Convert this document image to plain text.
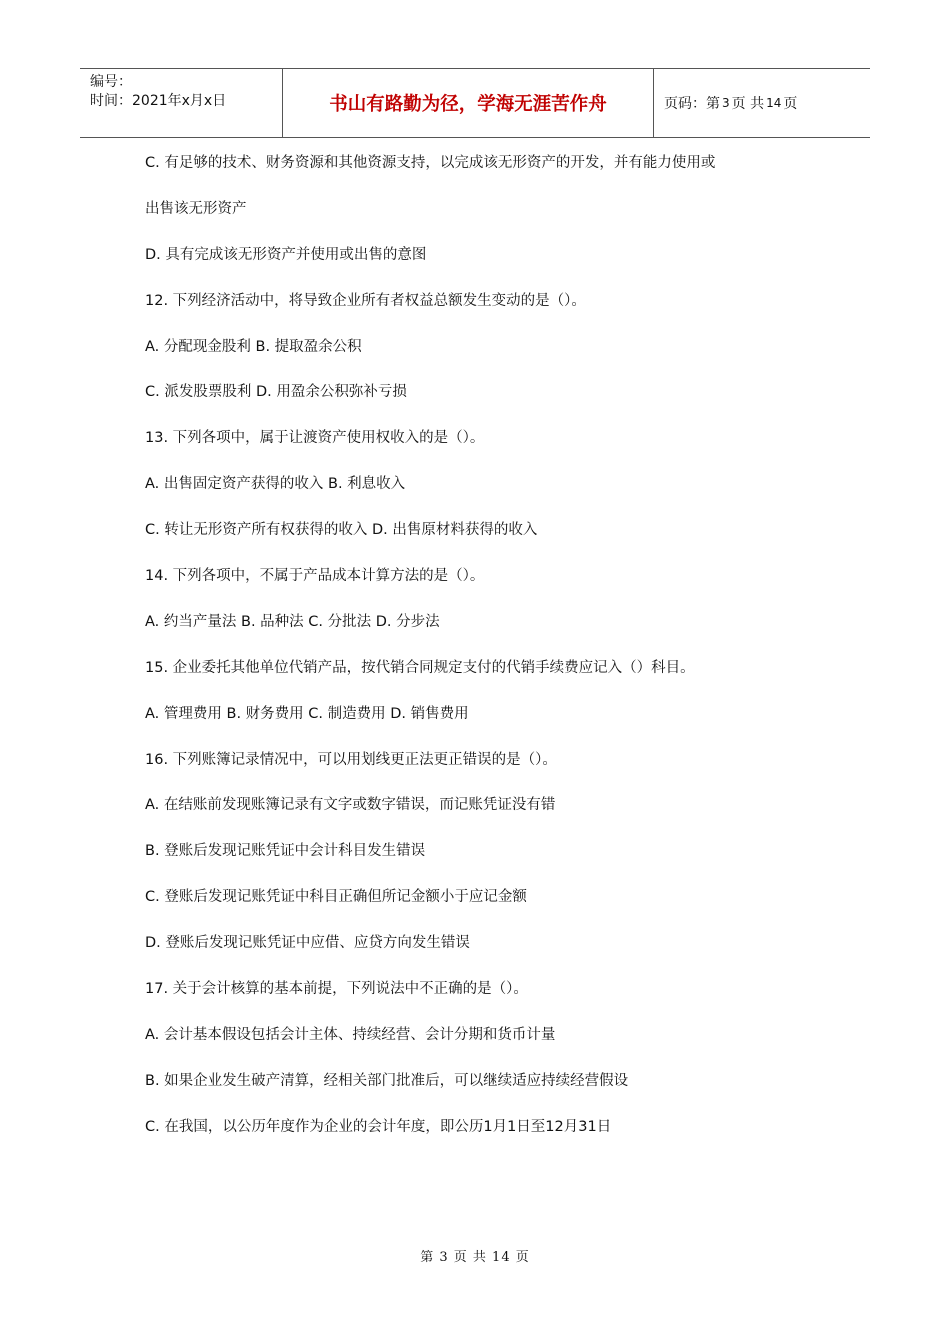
编号：
时间：2021年x月x日	书山有路勤为径，学海无涯苦作舟	页码：第 3 页 共 14 页
C. 有足够的技术、财务资源和其他资源支持，以完成该无形资产的开发，并有能力使用或
出售该无形资产
D. 具有完成该无形资产并使用或出售的意图
12. 下列经济活动中，将导致企业所有者权益总额发生变动的是（）。
A. 分配现金股利 B. 提取盈余公积
C. 派发股票股利 D. 用盈余公积弥补亏损
13. 下列各项中，属于让渡资产使用权收入的是（）。
A. 出售固定资产获得的收入 B. 利息收入
C. 转让无形资产所有权获得的收入 D. 出售原材料获得的收入
14. 下列各项中，不属于产品成本计算方法的是（）。
A. 约当产量法 B. 品种法 C. 分批法 D. 分步法
15. 企业委托其他单位代销产品，按代销合同规定支付的代销手续费应记入（）科目。
A. 管理费用 B. 财务费用 C. 制造费用 D. 销售费用
16. 下列账簿记录情况中，可以用划线更正法更正错误的是（）。
A. 在结账前发现账簿记录有文字或数字错误，而记账凭证没有错
B. 登账后发现记账凭证中会计科目发生错误
C. 登账后发现记账凭证中科目正确但所记金额小于应记金额
D. 登账后发现记账凭证中应借、应贷方向发生错误
17. 关于会计核算的基本前提，下列说法中不正确的是（）。
A. 会计基本假设包括会计主体、持续经营、会计分期和货币计量
B. 如果企业发生破产清算，经相关部门批准后，可以继续适应持续经营假设
C. 在我国，以公历年度作为企业的会计年度，即公历1月1日至12月31日
第 3 页 共 14 页
